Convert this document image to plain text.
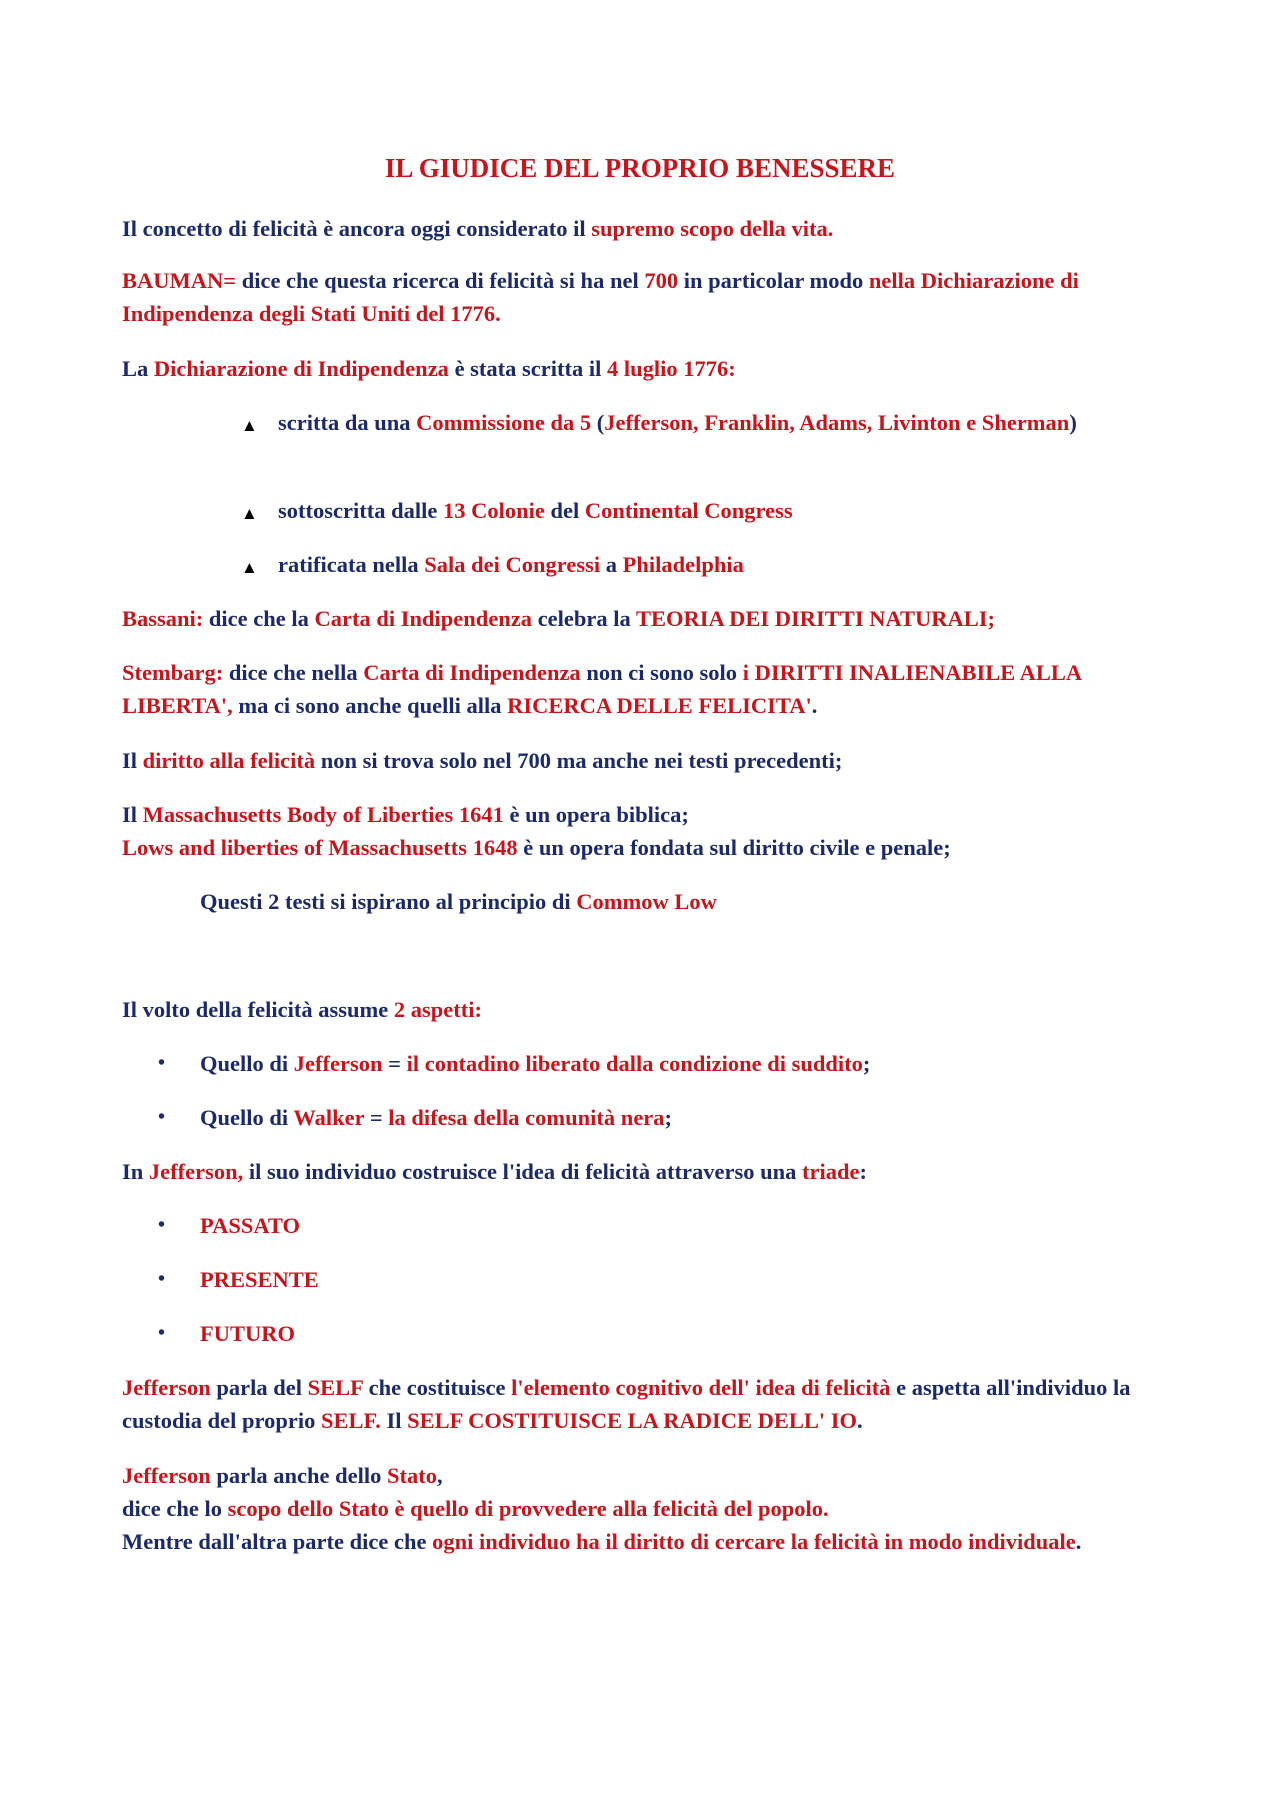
IL GIUDICE DEL PROPRIO BENESSERE
Il concetto di felicità è ancora oggi considerato il supremo scopo della vita.
BAUMAN= dice che questa ricerca di felicità si ha nel 700 in particolar modo nella Dichiarazione di Indipendenza degli Stati Uniti del 1776.
La Dichiarazione di Indipendenza è stata scritta il 4 luglio 1776:
▲ scritta da una Commissione da 5 (Jefferson, Franklin, Adams, Livinton e Sherman)
▲ sottoscritta dalle 13 Colonie del Continental Congress
▲ ratificata nella Sala dei Congressi a Philadelphia
Bassani: dice che la Carta di Indipendenza celebra la TEORIA DEI DIRITTI NATURALI;
Stembarg: dice che nella Carta di Indipendenza non ci sono solo i DIRITTI INALIENABILE ALLA LIBERTA', ma ci sono anche quelli alla RICERCA DELLE FELICITA'.
Il diritto alla felicità non si trova solo nel 700 ma anche nei testi precedenti;
Il Massachusetts Body of Liberties 1641 è un opera biblica;
Lows and liberties of Massachusetts 1648 è un opera fondata sul diritto civile e penale;
Questi 2 testi si ispirano al principio di Commow Low
Il volto della felicità assume 2 aspetti:
• Quello di Jefferson = il contadino liberato dalla condizione di suddito;
• Quello di Walker = la difesa della comunità nera;
In Jefferson, il suo individuo costruisce l'idea di felicità attraverso una triade:
• PASSATO
• PRESENTE
• FUTURO
Jefferson parla del SELF che costituisce l'elemento cognitivo dell' idea di felicità e aspetta all'individuo la custodia del proprio SELF. Il SELF COSTITUISCE LA RADICE DELL' IO.
Jefferson parla anche dello Stato,
dice che lo scopo dello Stato è quello di provvedere alla felicità del popolo.
Mentre dall'altra parte dice che ogni individuo ha il diritto di cercare la felicità in modo individuale.
